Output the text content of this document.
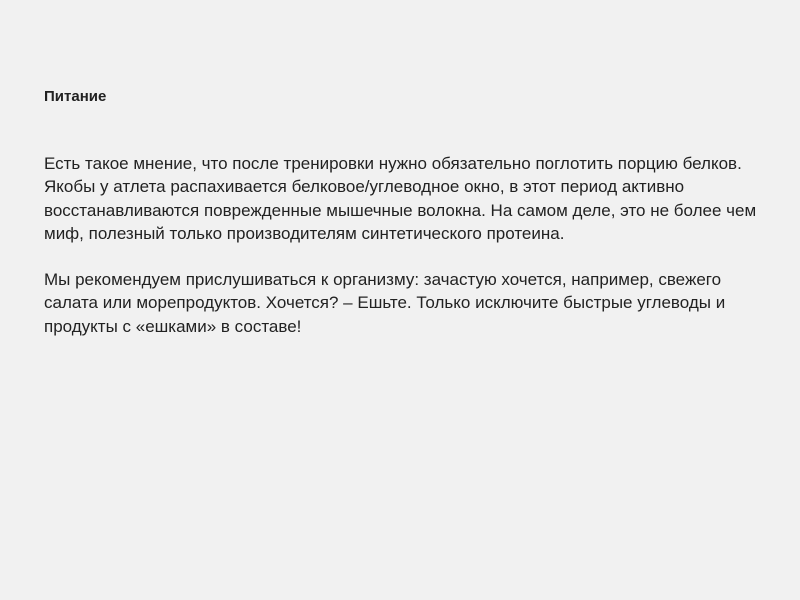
Питание

Есть такое мнение, что после тренировки нужно обязательно поглотить порцию белков. Якобы у атлета распахивается белковое/углеводное окно, в этот период активно восстанавливаются поврежденные мышечные волокна. На самом деле, это не более чем миф, полезный только производителям синтетического протеина.

Мы рекомендуем прислушиваться к организму: зачастую хочется, например, свежего салата или морепродуктов. Хочется? – Ешьте. Только исключите быстрые углеводы и продукты с «ешками» в составе!
